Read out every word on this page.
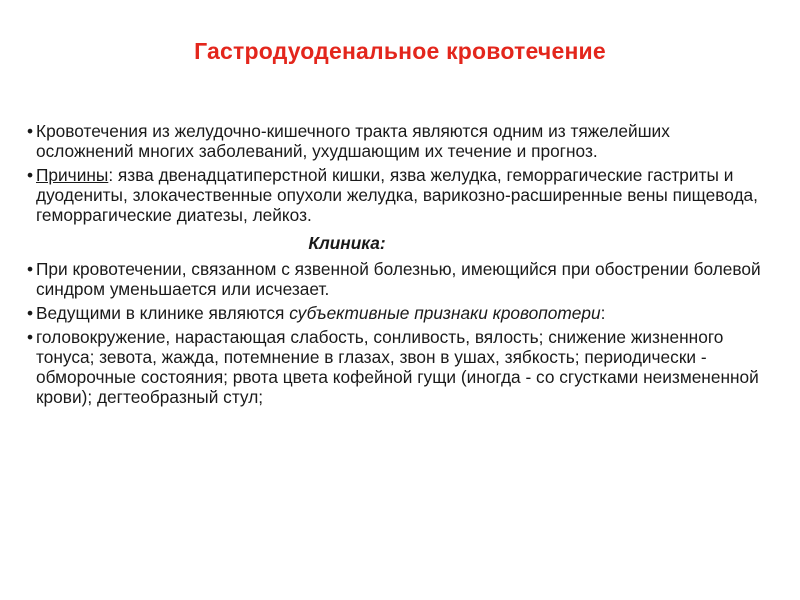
Гастродуоденальное кровотечение
• Кровотечения из желудочно-кишечного тракта являются одним из тяжелейших осложнений многих заболеваний, ухудшающим их течение и прогноз.
• Причины: язва двенадцатиперстной кишки, язва желудка, геморрагические гастриты и дуодениты, злокачественные опухоли желудка, варикозно-расширенные вены пищевода, геморрагические диатезы, лейкоз.
Клиника:
• При кровотечении, связанном с язвенной болезнью, имеющийся при обострении болевой синдром уменьшается или исчезает.
• Ведущими в клинике являются субъективные признаки кровопотери:
• головокружение, нарастающая слабость, сонливость, вялость; снижение жизненного тонуса; зевота, жажда, потемнение в глазах, звон в ушах, зябкость; периодически - обморочные состояния; рвота цвета кофейной гущи (иногда - со сгустками неизмененной крови); дегтеобразный стул;
